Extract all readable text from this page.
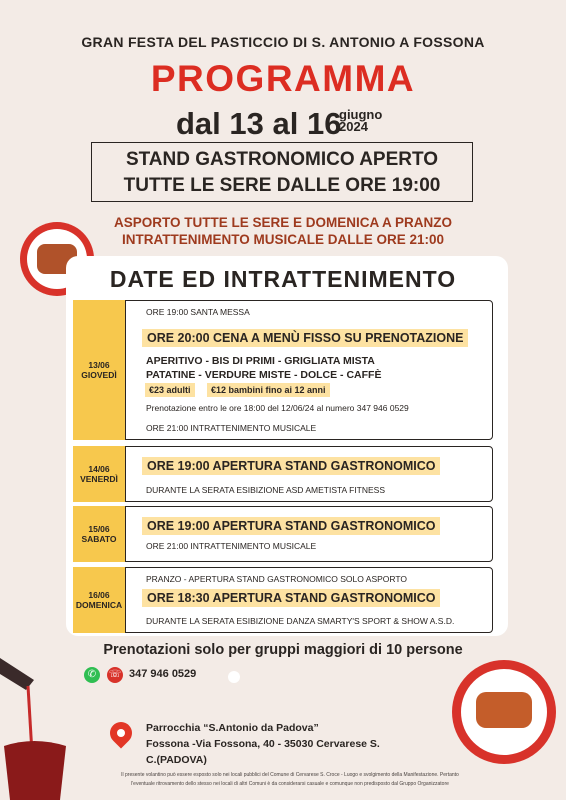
GRAN FESTA DEL PASTICCIO DI S. ANTONIO A FOSSONA
PROGRAMMA
dal 13 al 16
giugno
2024
STAND GASTRONOMICO APERTO
TUTTE LE SERE DALLE ORE 19:00
ASPORTO TUTTE LE SERE E DOMENICA A PRANZO
INTRATTENIMENTO MUSICALE DALLE ORE 21:00
DATE ED INTRATTENIMENTO
13/06
GIOVEDÌ
ORE 19:00 SANTA MESSA
ORE 20:00 CENA A MENÙ FISSO SU PRENOTAZIONE
APERITIVO - BIS DI PRIMI - GRIGLIATA MISTA
PATATINE - VERDURE MISTE - DOLCE - CAFFÈ
Prenotazione entro le ore 18:00 del 12/06/24 al numero 347 946 0529
ORE 21:00 INTRATTENIMENTO MUSICALE
€23 adulti	€12 bambini fino ai 12 anni
14/06
VENERDÌ
ORE 19:00 APERTURA STAND GASTRONOMICO
DURANTE LA SERATA ESIBIZIONE ASD AMETISTA FITNESS
15/06
SABATO
ORE 19:00 APERTURA STAND GASTRONOMICO
ORE 21:00 INTRATTENIMENTO MUSICALE
16/06
DOMENICA
PRANZO - APERTURA STAND GASTRONOMICO SOLO ASPORTO
ORE 18:30 APERTURA STAND GASTRONOMICO
DURANTE LA SERATA ESIBIZIONE DANZA SMARTY'S SPORT & SHOW A.S.D.
Prenotazioni solo per gruppi maggiori di 10 persone
✆	☏ 347 946 0529
Parrocchia “S.Antonio da Padova”
Fossona -Via Fossona, 40 - 35030 Cervarese S.
C.(PADOVA)
Il presente volantino può essere esposto solo nei locali pubblici del Comune di Cervarese S. Croce - Luogo e svolgimento della Manifestazione. Pertanto
l'eventuale ritrovamento dello stesso nei locali di altri Comuni è da considerarsi casuale e comunque non predisposto dal Gruppo Organizzatore
